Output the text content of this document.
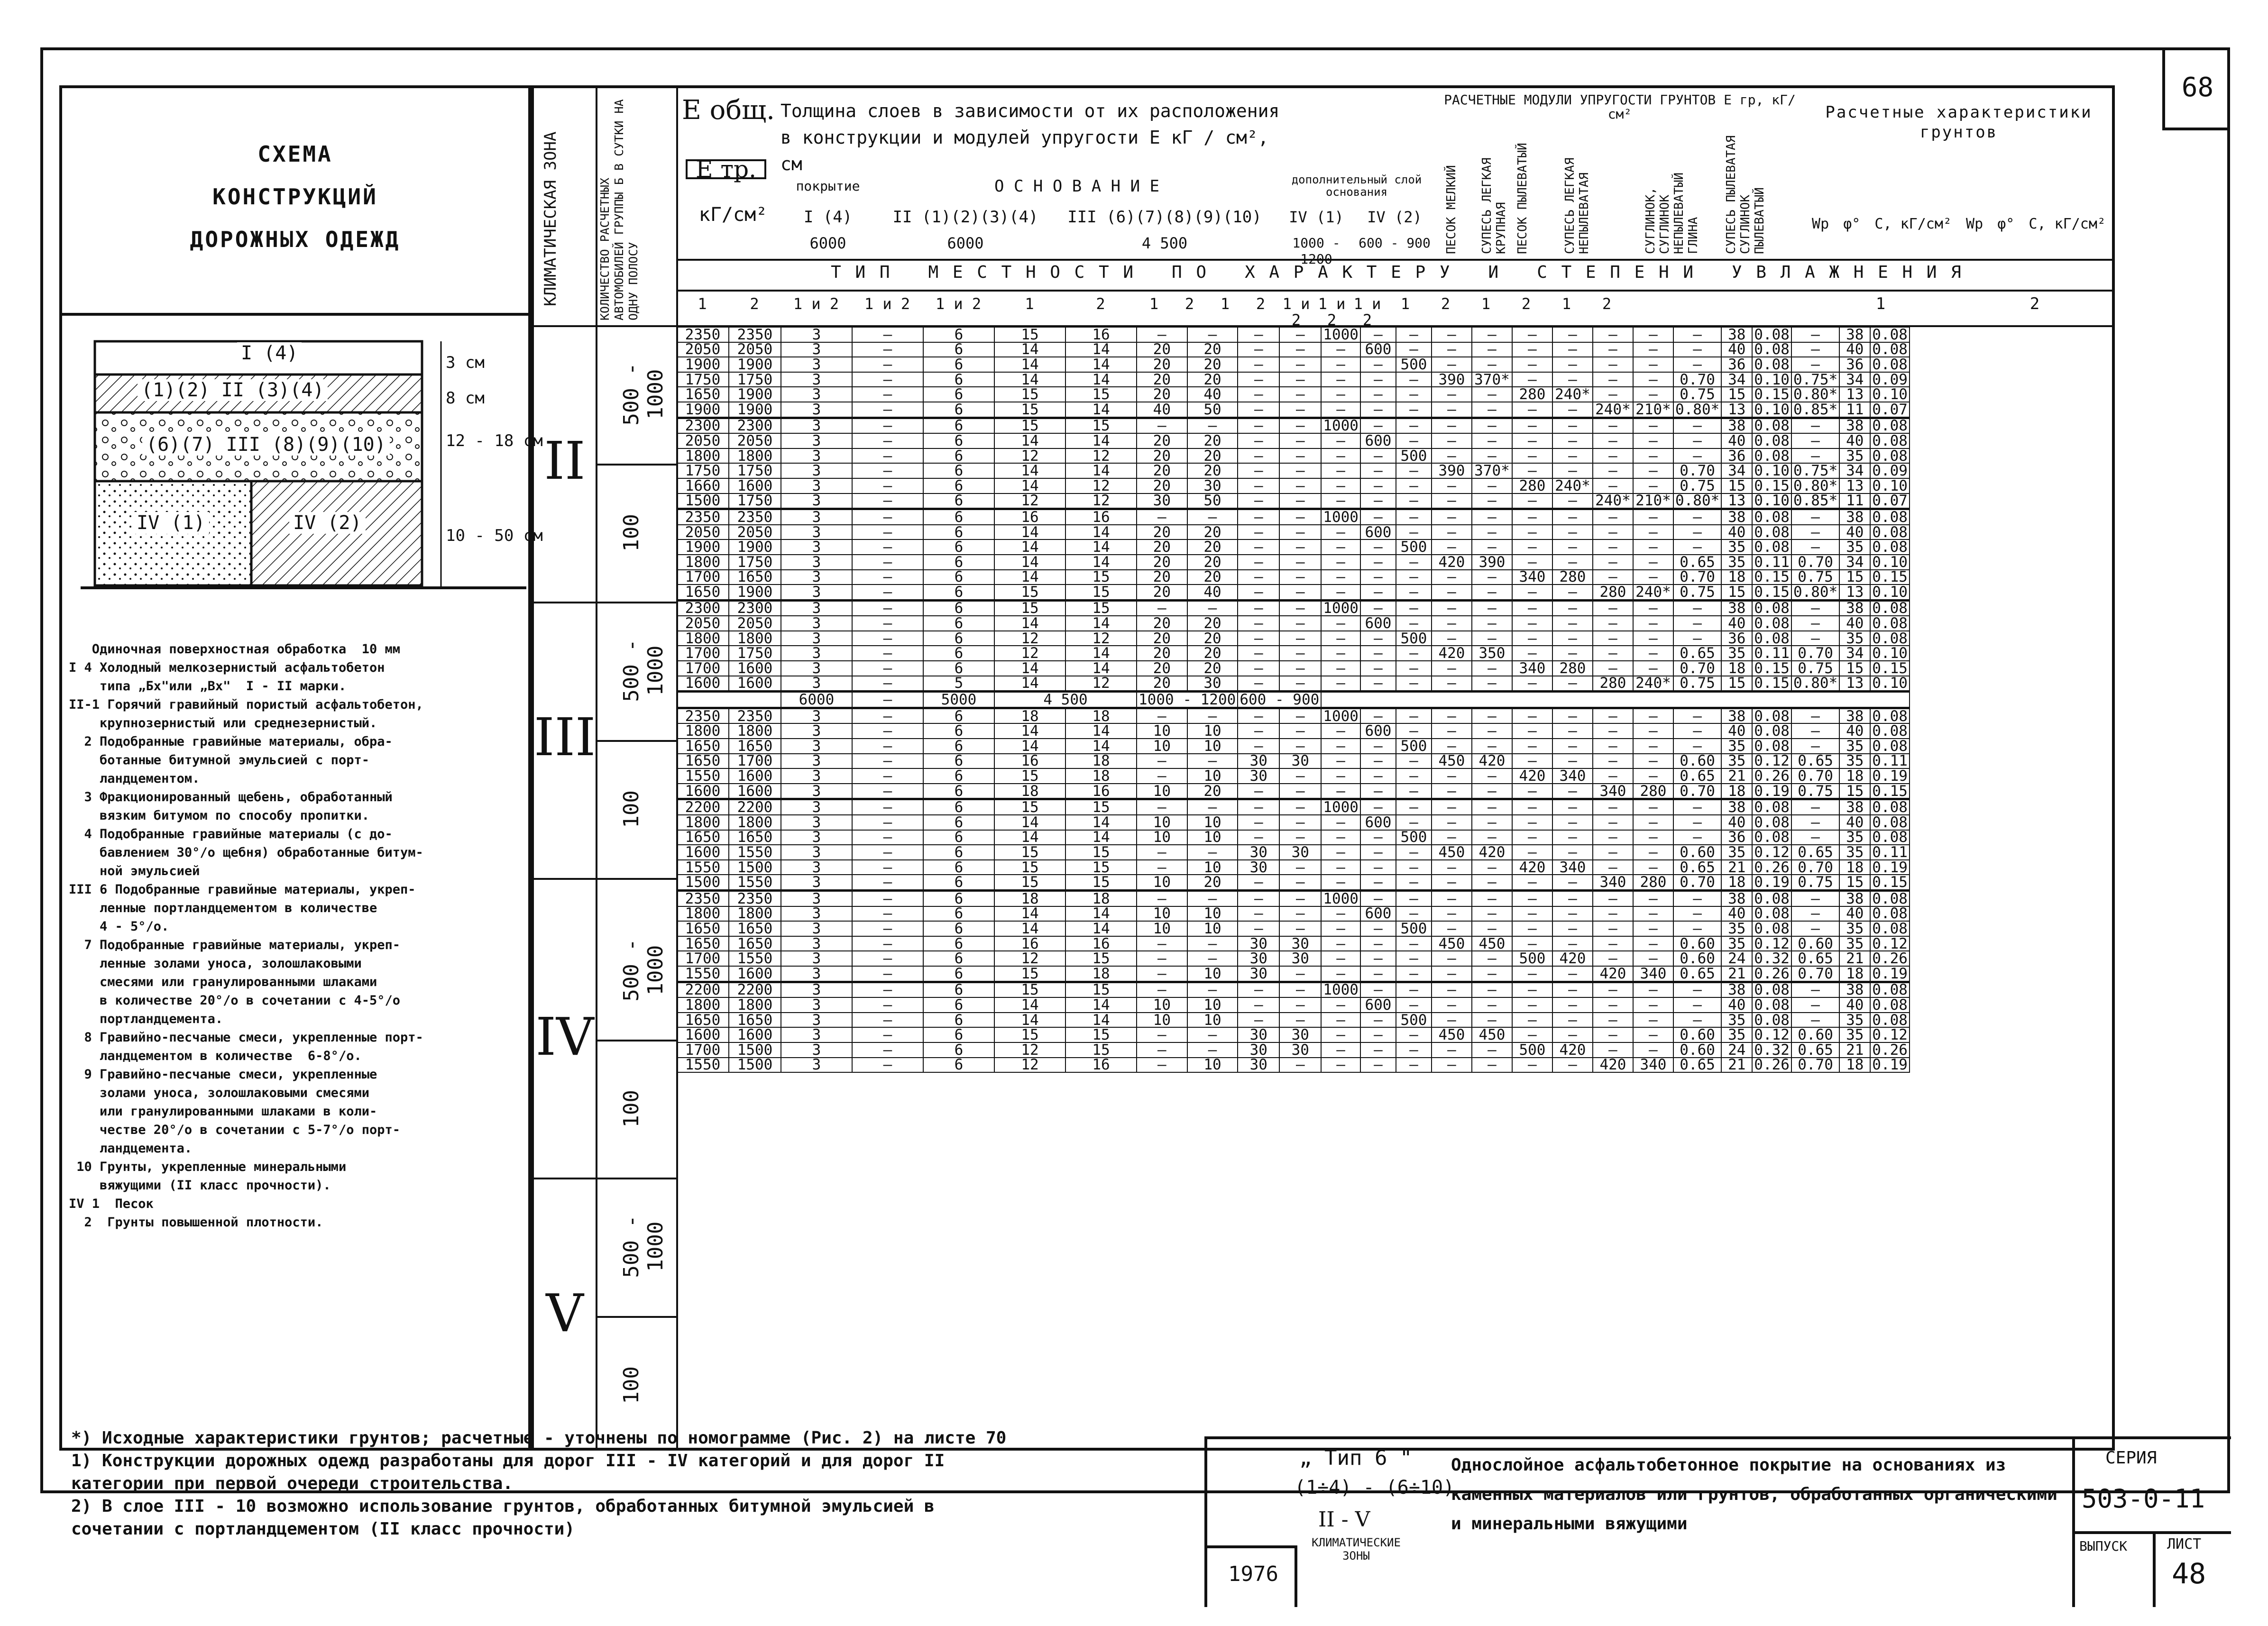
68
СХЕМА
КОНСТРУКЦИЙ
ДОРОЖНЫХ ОДЕЖД
I (4)
(1)(2) II (3)(4)
(6)(7) III (8)(9)(10)
IV (1)	IV (2)
3 см
8 см
12 - 18 см
10 - 50 см
Одиночная поверхностная обработка  10 мм
I 4 Холодный мелкозернистый асфальтобетон
типа „Бх"или „Вх"  I - II марки.
II-1 Горячий гравийный пористый асфальтобетон,
крупнозернистый или среднезернистый.
2 Подобранные гравийные материалы, обра-
ботанные битумной эмульсией с порт-
ландцементом.
3 Фракционированный щебень, обработанный
вязким битумом по способу пропитки.
4 Подобранные гравийные материалы (с до-
бавлением 30°/о щебня) обработанные битум-
ной эмульсией
III 6 Подобранные гравийные материалы, укреп-
ленные портландцементом в количестве
4 - 5°/о.
7 Подобранные гравийные материалы, укреп-
ленные золами уноса, золошлаковыми
смесями или гранулированными шлаками
в количестве 20°/о в сочетании с 4-5°/о
портландцемента.
8 Гравийно-песчаные смеси, укрепленные порт-
ландцементом в количестве  6-8°/о.
9 Гравийно-песчаные смеси, укрепленные
золами уноса, золошлаковыми смесями
или гранулированными шлаками в коли-
честве 20°/о в сочетании с 5-7°/о порт-
ландцемента.
10 Грунты, укрепленные минеральными
вяжущими (II класс прочности).
IV 1  Песок
2  Грунты повышенной плотности.
КЛИМАТИЧЕСКАЯ ЗОНА	КОЛИЧЕСТВО РАСЧЕТНЫХ АВТОМОБИЛЕЙ ГРУППЫ Б В СУТКИ НА ОДНУ ПОЛОСУ
Е общ.
Е тр.
кГ/см²
Толщина слоев в зависимости от их расположения в конструкции и модулей упругости Е кГ / см², см
покрытие	О С Н О В А Н И Е	дополнительный слой основания
I (4)	II (1)(2)(3)(4)	III (6)(7)(8)(9)(10)	IV (1)	IV (2)
6000	6000	4 500	1000 - 1200
600 - 900
РАСЧЕТНЫЕ МОДУЛИ УПРУГОСТИ ГРУНТОВ Е гр, кГ/см²
ПЕСОК МЕЛКИЙ СУПЕСЬ ЛЕГКАЯ КРУПНАЯ ПЕСОК ПЫЛЕВАТЫЙ	СУПЕСЬ ЛЕГКАЯ НЕПЫЛЕВАТАЯ	СУГЛИНОК, СУГЛИНОК НЕПЫЛЕВАТЫЙ ГЛИНА СУПЕСЬ ПЫЛЕВАТАЯ СУГЛИНОК ПЫЛЕВАТЫЙ
Расчетные характеристики грунтов
Wр φ° C, кГ/см² Wр φ° C, кГ/см²
Т И П   М Е С Т Н О С Т И   П О   Х А Р А К Т Е Р У   И   С Т Е П Е Н И   У В Л А Ж Н Е Н И Я
1	2	1 и 2	1 и 2	1 и 2	1	2	1	2	1	2	1 и 2
1 и 2
1 и 2
1	2	1	2	1	2	1	2
2350	2350	3	—	6	15	16	—	—	—	—	1000	—	—	—	—	—	—	—	—	—	38	0.08	—	38	0.08
2050	2050	3	—	6	14	14	20	20	—	—	—	600	—	—	—	—	—	—	—	—	40	0.08	—	40	0.08
1900	1900	3	—	6	14	14	20	20	—	—	—	—	500	—	—	—	—	—	—	—	36	0.08	—	36	0.08
1750	1750	3	—	6	14	14	20	20	—	—	—	—	—	390	370*	—	—	—	—	0.70	34	0.10	0.75*	34	0.09
1650	1900	3	—	6	15	15	20	40	—	—	—	—	—	—	—	280	240*	—	—	0.75	15	0.15	0.80*	13	0.10
1900	1900	3	—	6	15	14	40	50	—	—	—	—	—	—	—	—	—	240*	210*	0.80*	13	0.10	0.85*	11	0.07
2300	2300	3	—	6	15	15	—	—	—	—	1000	—	—	—	—	—	—	—	—	—	38	0.08	—	38	0.08
2050	2050	3	—	6	14	14	20	20	—	—	—	600	—	—	—	—	—	—	—	—	40	0.08	—	40	0.08
1800	1800	3	—	6	12	12	20	20	—	—	—	—	500	—	—	—	—	—	—	—	36	0.08	—	35	0.08
1750	1750	3	—	6	14	14	20	20	—	—	—	—	—	390	370*	—	—	—	—	0.70	34	0.10	0.75*	34	0.09
1660	1600	3	—	6	14	12	20	30	—	—	—	—	—	—	—	280	240*	—	—	0.75	15	0.15	0.80*	13	0.10
1500	1750	3	—	6	12	12	30	50	—	—	—	—	—	—	—	—	—	240*	210*	0.80*	13	0.10	0.85*	11	0.07
2350	2350	3	—	6	16	16	—	—	—	—	1000	—	—	—	—	—	—	—	—	—	38	0.08	—	38	0.08
2050	2050	3	—	6	14	14	20	20	—	—	—	600	—	—	—	—	—	—	—	—	40	0.08	—	40	0.08
1900	1900	3	—	6	14	14	20	20	—	—	—	—	500	—	—	—	—	—	—	—	35	0.08	—	35	0.08
1800	1750	3	—	6	14	14	20	20	—	—	—	—	—	420	390	—	—	—	—	0.65	35	0.11	0.70	34	0.10
1700	1650	3	—	6	14	15	20	20	—	—	—	—	—	—	—	340	280	—	—	0.70	18	0.15	0.75	15	0.15
1650	1900	3	—	6	15	15	20	40	—	—	—	—	—	—	—	—	—	280	240*	0.75	15	0.15	0.80*	13	0.10
2300	2300	3	—	6	15	15	—	—	—	—	1000	—	—	—	—	—	—	—	—	—	38	0.08	—	38	0.08
2050	2050	3	—	6	14	14	20	20	—	—	—	600	—	—	—	—	—	—	—	—	40	0.08	—	40	0.08
1800	1800	3	—	6	12	12	20	20	—	—	—	—	500	—	—	—	—	—	—	—	36	0.08	—	35	0.08
1700	1750	3	—	6	12	14	20	20	—	—	—	—	—	420	350	—	—	—	—	0.65	35	0.11	0.70	34	0.10
1700	1600	3	—	6	14	14	20	20	—	—	—	—	—	—	—	340	280	—	—	0.70	18	0.15	0.75	15	0.15
1600	1600	3	—	5	14	12	20	30	—	—	—	—	—	—	—	—	—	280	240*	0.75	15	0.15	0.80*	13	0.10
		6000	—	5000	4 500		1000 - 1200		600 - 900																
2350	2350	3	—	6	18	18	—	—	—	—	1000	—	—	—	—	—	—	—	—	—	38	0.08	—	38	0.08
1800	1800	3	—	6	14	14	10	10	—	—	—	600	—	—	—	—	—	—	—	—	40	0.08	—	40	0.08
1650	1650	3	—	6	14	14	10	10	—	—	—	—	500	—	—	—	—	—	—	—	35	0.08	—	35	0.08
1650	1700	3	—	6	16	18	—	—	30	30	—	—	—	450	420	—	—	—	—	0.60	35	0.12	0.65	35	0.11
1550	1600	3	—	6	15	18	—	10	30	—	—	—	—	—	—	420	340	—	—	0.65	21	0.26	0.70	18	0.19
1600	1600	3	—	6	18	16	10	20	—	—	—	—	—	—	—	—	—	340	280	0.70	18	0.19	0.75	15	0.15
2200	2200	3	—	6	15	15	—	—	—	—	1000	—	—	—	—	—	—	—	—	—	38	0.08	—	38	0.08
1800	1800	3	—	6	14	14	10	10	—	—	—	600	—	—	—	—	—	—	—	—	40	0.08	—	40	0.08
1650	1650	3	—	6	14	14	10	10	—	—	—	—	500	—	—	—	—	—	—	—	36	0.08	—	35	0.08
1600	1550	3	—	6	15	15	—	—	30	30	—	—	—	450	420	—	—	—	—	0.60	35	0.12	0.65	35	0.11
1550	1500	3	—	6	15	15	—	10	30	—	—	—	—	—	—	420	340	—	—	0.65	21	0.26	0.70	18	0.19
1500	1550	3	—	6	15	15	10	20	—	—	—	—	—	—	—	—	—	340	280	0.70	18	0.19	0.75	15	0.15
2350	2350	3	—	6	18	18	—	—	—	—	1000	—	—	—	—	—	—	—	—	—	38	0.08	—	38	0.08
1800	1800	3	—	6	14	14	10	10	—	—	—	600	—	—	—	—	—	—	—	—	40	0.08	—	40	0.08
1650	1650	3	—	6	14	14	10	10	—	—	—	—	500	—	—	—	—	—	—	—	35	0.08	—	35	0.08
1650	1650	3	—	6	16	16	—	—	30	30	—	—	—	450	450	—	—	—	—	0.60	35	0.12	0.60	35	0.12
1700	1550	3	—	6	12	15	—	—	30	30	—	—	—	—	—	500	420	—	—	0.60	24	0.32	0.65	21	0.26
1550	1600	3	—	6	15	18	—	10	30	—	—	—	—	—	—	—	—	420	340	0.65	21	0.26	0.70	18	0.19
2200	2200	3	—	6	15	15	—	—	—	—	1000	—	—	—	—	—	—	—	—	—	38	0.08	—	38	0.08
1800	1800	3	—	6	14	14	10	10	—	—	—	600	—	—	—	—	—	—	—	—	40	0.08	—	40	0.08
1650	1650	3	—	6	14	14	10	10	—	—	—	—	500	—	—	—	—	—	—	—	35	0.08	—	35	0.08
1600	1600	3	—	6	15	15	—	—	30	30	—	—	—	450	450	—	—	—	—	0.60	35	0.12	0.60	35	0.12
1700	1500	3	—	6	12	15	—	—	30	30	—	—	—	—	—	500	420	—	—	0.60	24	0.32	0.65	21	0.26
1550	1500	3	—	6	12	16	—	10	30	—	—	—	—	—	—	—	—	420	340	0.65	21	0.26	0.70	18	0.19
II
500 - 1000
100
III
500 - 1000
100
IV
500 - 1000
100
V
500 - 1000
100
*) Исходные характеристики грунтов; расчетные - уточнены по номограмме (Рис. 2) на листе 70
1) Конструкции дорожных одежд разработаны для дорог III - IV категорий и для дорог II
категории при первой очереди строительства.
2) В слое III - 10 возможно использование грунтов, обработанных битумной эмульсией в
сочетании с портландцементом (II класс прочности)
„ Тип 6 "
(1÷4) - (6÷10)
II - V
КЛИМАТИЧЕСКИЕ ЗОНЫ
1976
Однослойное асфальтобетонное покрытие на основаниях из каменных материалов или грунтов, обработанных органическими и минеральными вяжущими
СЕРИЯ
503-0-11
ВЫПУСК	ЛИСТ
48
